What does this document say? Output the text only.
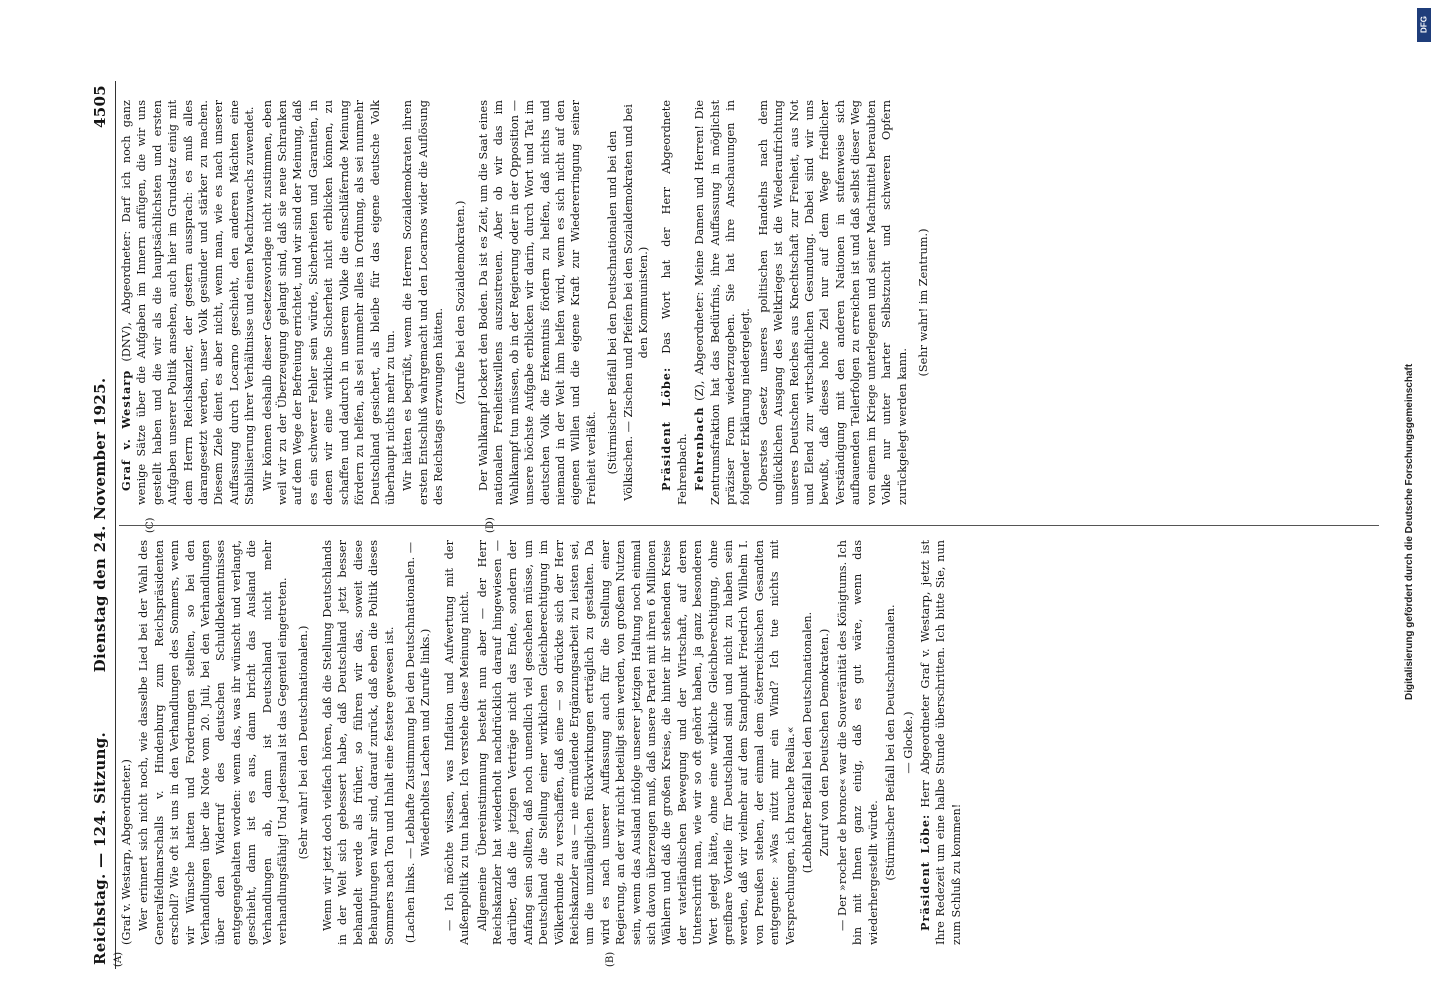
Reichstag. — 124. Sitzung.
Dienstag den 24. November 1925.
4505
(A)	(B)
(C)	(D)

(Graf v. Westarp, Abgeordneter.) Wer erinnert sich nicht noch, wie dasselbe Lied bei der Wahl des Generalfeldmarschalls v. Hindenburg zum Reichspräsidenten erscholl? Wie oft ist uns in den Verhandlungen des Sommers, wenn wir Wünsche hatten und Forderungen stellten, so bei den Verhandlungen über die Note vom 20. Juli, bei den Verhandlungen über den Widerruf des deutschen Schuldbekenntnisses entgegengehalten worden: wenn das, was ihr wünscht und verlangt, geschieht, dann ist es aus, dann bricht das Ausland die Verhandlungen ab, dann ist Deutschland nicht mehr verhandlungsfähig! Und jedesmal ist das Gegenteil eingetreten. (Sehr wahr! bei den Deutschnationalen.) Wenn wir jetzt doch vielfach hören, daß die Stellung Deutschlands in der Welt sich gebessert habe, daß Deutschland jetzt besser behandelt werde als früher, so führen wir das, soweit diese Behauptungen wahr sind, darauf zurück, daß eben die Politik dieses Sommers nach Ton und Inhalt eine festere gewesen ist. (Lachen links. — Lebhafte Zustimmung bei den Deutschnationalen. — Wiederholtes Lachen und Zurufe links.) — Ich möchte wissen, was Inflation und Aufwertung mit der Außenpolitik zu tun haben. Ich verstehe diese Meinung nicht. Allgemeine Übereinstimmung besteht nun aber — der Herr Reichskanzler hat wiederholt nachdrücklich darauf hingewiesen — darüber, daß die jetzigen Verträge nicht das Ende, sondern der Anfang sein sollten, daß noch unendlich viel geschehen müsse, um Deutschland die Stellung einer wirklichen Gleichberechtigung im Völkerbunde zu verschaffen, daß eine — so drückte sich der Herr Reichskanzler aus — nie ermüdende Ergänzungsarbeit zu leisten sei, um die unzulänglichen Rückwirkungen erträglich zu gestalten. Da wird es nach unserer Auffassung auch für die Stellung einer Regierung, an der wir nicht beteiligt sein werden, von großem Nutzen sein, wenn das Ausland infolge unserer jetzigen Haltung noch einmal sich davon überzeugen muß, daß unsere Partei mit ihren 6 Millionen Wählern und daß die großen Kreise, die hinter ihr stehenden Kreise der vaterländischen Bewegung und der Wirtschaft, auf deren Unterschrift man, wie wir so oft gehört haben, ja ganz besonderen Wert gelegt hätte, ohne eine wirkliche Gleichberechtigung, ohne greifbare Vorteile für Deutschland sind und nicht zu haben sein werden, daß wir vielmehr auf dem Standpunkt Friedrich Wilhelm I. von Preußen stehen, der einmal dem österreichischen Gesandten entgegnete: »Was nützt mir ein Wind? Ich tue nichts mit Versprechungen, ich brauche Realia.« (Lebhafter Beifall bei den Deutschnationalen. Zuruf von den Deutschen Demokraten.) — Der »rocher de bronce« war die Souveränität des Königtums. Ich bin mit Ihnen ganz einig, daß es gut wäre, wenn das wiederhergestellt würde. (Stürmischer Beifall bei den Deutschnationalen. — Glocke.)

Präsident Löbe: Herr Abgeordneter Graf v. Westarp, jetzt ist Ihre Redezeit um eine halbe Stunde überschritten. Ich bitte Sie, nun zum Schluß zu kommen!

Graf v. Westarp (DNV), Abgeordneter: Darf ich noch ganz wenige Sätze über die Aufgaben im Innern anfügen, die wir uns gestellt haben und die wir als die hauptsächlichsten und ersten Aufgaben unserer Politik ansehen, auch hier im Grundsatz einig mit dem Herrn Reichskanzler, der gestern aussprach: es muß alles darangesetzt werden, unser Volk gesünder und stärker zu machen. Diesem Ziele dient es aber nicht, wenn man, wie es nach unserer Auffassung durch Locarno geschieht, den anderen Mächten eine Stabilisierung ihrer Verhältnisse und einen Machtzuwachs zuwendet. Wir können deshalb dieser Gesetzesvorlage nicht zustimmen, eben weil wir zu der Überzeugung gelangt sind, daß sie neue Schranken auf dem Wege der Befreiung errichtet, und wir sind der Meinung, daß es ein schwerer Fehler sein würde, Sicherheiten und Garantien, in denen wir eine wirkliche Sicherheit nicht erblicken können, zu schaffen und dadurch in unserem Volke die einschläfernde Meinung fördern zu helfen, als sei nunmehr alles in Ordnung, als sei nunmehr Deutschland gesichert, als bleibe für das eigene deutsche Volk überhaupt nichts mehr zu tun. Wir hätten es begrüßt, wenn die Herren Sozialdemokraten ihren ersten Entschluß wahrgemacht und den Locarnos wider die Auflösung des Reichstags erzwungen hätten.

(Zurufe bei den Sozialdemokraten.) Der Wahlkampf lockert den Boden. Da ist es Zeit, um die Saat eines nationalen Freiheitswillens auszustreuen. Aber ob wir das im Wahlkampf tun müssen, ob in der Regierung oder in der Opposition — unsere höchste Aufgabe erblicken wir darin, durch Wort und Tat im deutschen Volk die Erkenntnis fördern zu helfen, daß nichts und niemand in der Welt ihm helfen wird, wenn es sich nicht auf den eigenen Willen und die eigene Kraft zur Wiedererringung seiner Freiheit verläßt. (Stürmischer Beifall bei den Deutschnationalen und bei den Völkischen. — Zischen und Pfeifen bei den Sozialdemokraten und bei den Kommunisten.)

Präsident Löbe: Das Wort hat der Herr Abgeordnete Fehrenbach. Fehrenbach (Z), Abgeordneter: Meine Damen und Herren! Die Zentrumsfraktion hat das Bedürfnis, ihre Auffassung in möglichst präziser Form wiederzugeben. Sie hat ihre Anschauungen in folgender Erklärung niedergelegt. Oberstes Gesetz unseres politischen Handelns nach dem unglücklichen Ausgang des Weltkrieges ist die Wiederaufrichtung unseres Deutschen Reiches aus Knechtschaft zur Freiheit, aus Not und Elend zur wirtschaftlichen Gesundung. Dabei sind wir uns bewußt, daß dieses hohe Ziel nur auf dem Wege friedlicher Verständigung mit den anderen Nationen in stufenweise sich aufbauenden Teilerfolgen zu erreichen ist und daß selbst dieser Weg von einem im Kriege unterlegenen und seiner Machtmittel beraubten Volke nur unter harter Selbstzucht und schweren Opfern zurückgelegt werden kann.

(Sehr wahr! im Zentrum.)

Digitalisierung gefördert durch die Deutsche Forschungsgemeinschaft
DFG
